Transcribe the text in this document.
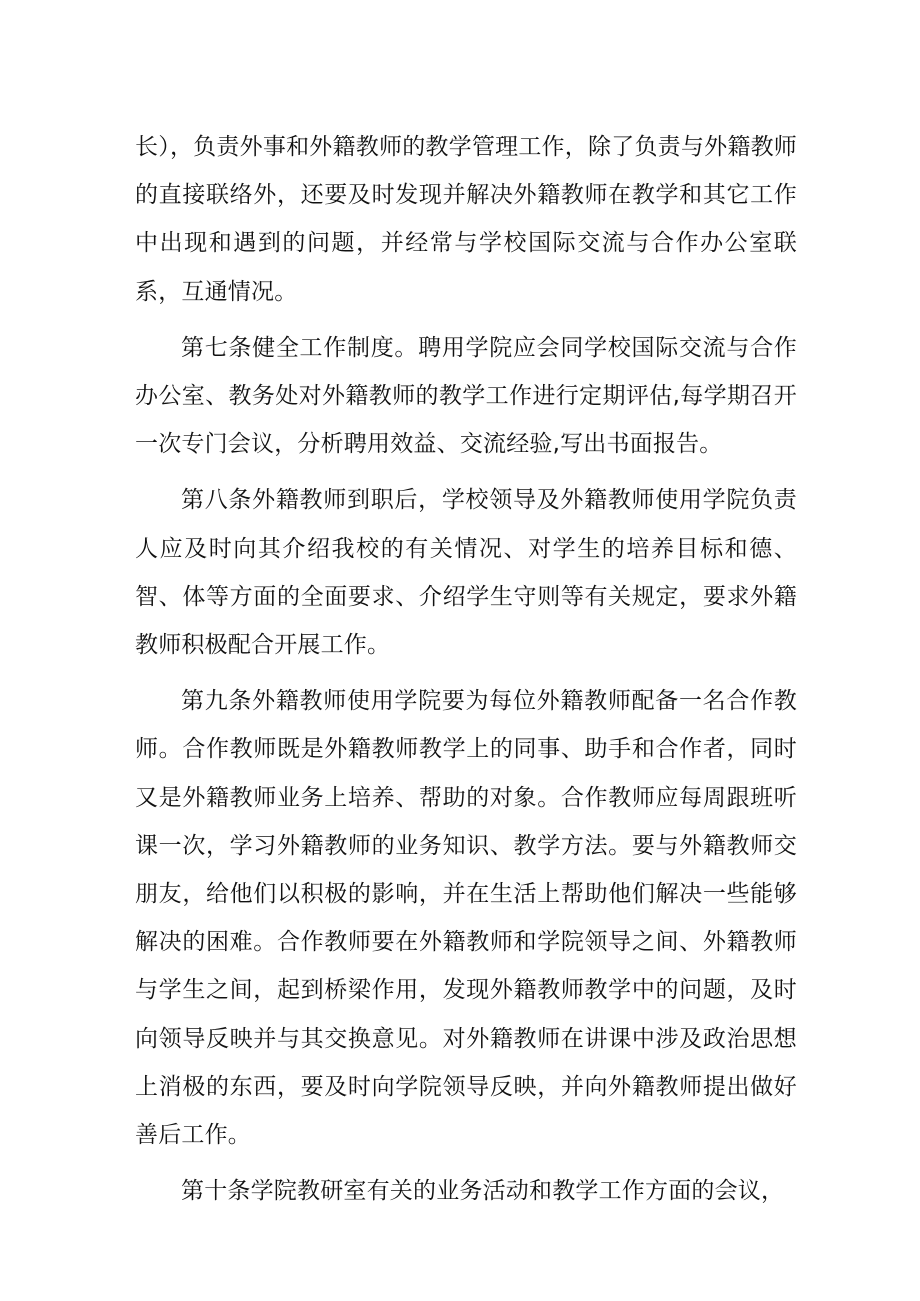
长），负责外事和外籍教师的教学管理工作，除了负责与外籍教师的直接联络外，还要及时发现并解决外籍教师在教学和其它工作中出现和遇到的问题，并经常与学校国际交流与合作办公室联系，互通情况。

第七条健全工作制度。聘用学院应会同学校国际交流与合作办公室、教务处对外籍教师的教学工作进行定期评估,每学期召开一次专门会议，分析聘用效益、交流经验,写出书面报告。

第八条外籍教师到职后，学校领导及外籍教师使用学院负责人应及时向其介绍我校的有关情况、对学生的培养目标和德、智、体等方面的全面要求、介绍学生守则等有关规定，要求外籍教师积极配合开展工作。

第九条外籍教师使用学院要为每位外籍教师配备一名合作教师。合作教师既是外籍教师教学上的同事、助手和合作者，同时又是外籍教师业务上培养、帮助的对象。合作教师应每周跟班听课一次，学习外籍教师的业务知识、教学方法。要与外籍教师交朋友，给他们以积极的影响，并在生活上帮助他们解决一些能够解决的困难。合作教师要在外籍教师和学院领导之间、外籍教师与学生之间，起到桥梁作用，发现外籍教师教学中的问题，及时向领导反映并与其交换意见。对外籍教师在讲课中涉及政治思想上消极的东西，要及时向学院领导反映，并向外籍教师提出做好善后工作。

第十条学院教研室有关的业务活动和教学工作方面的会议，
